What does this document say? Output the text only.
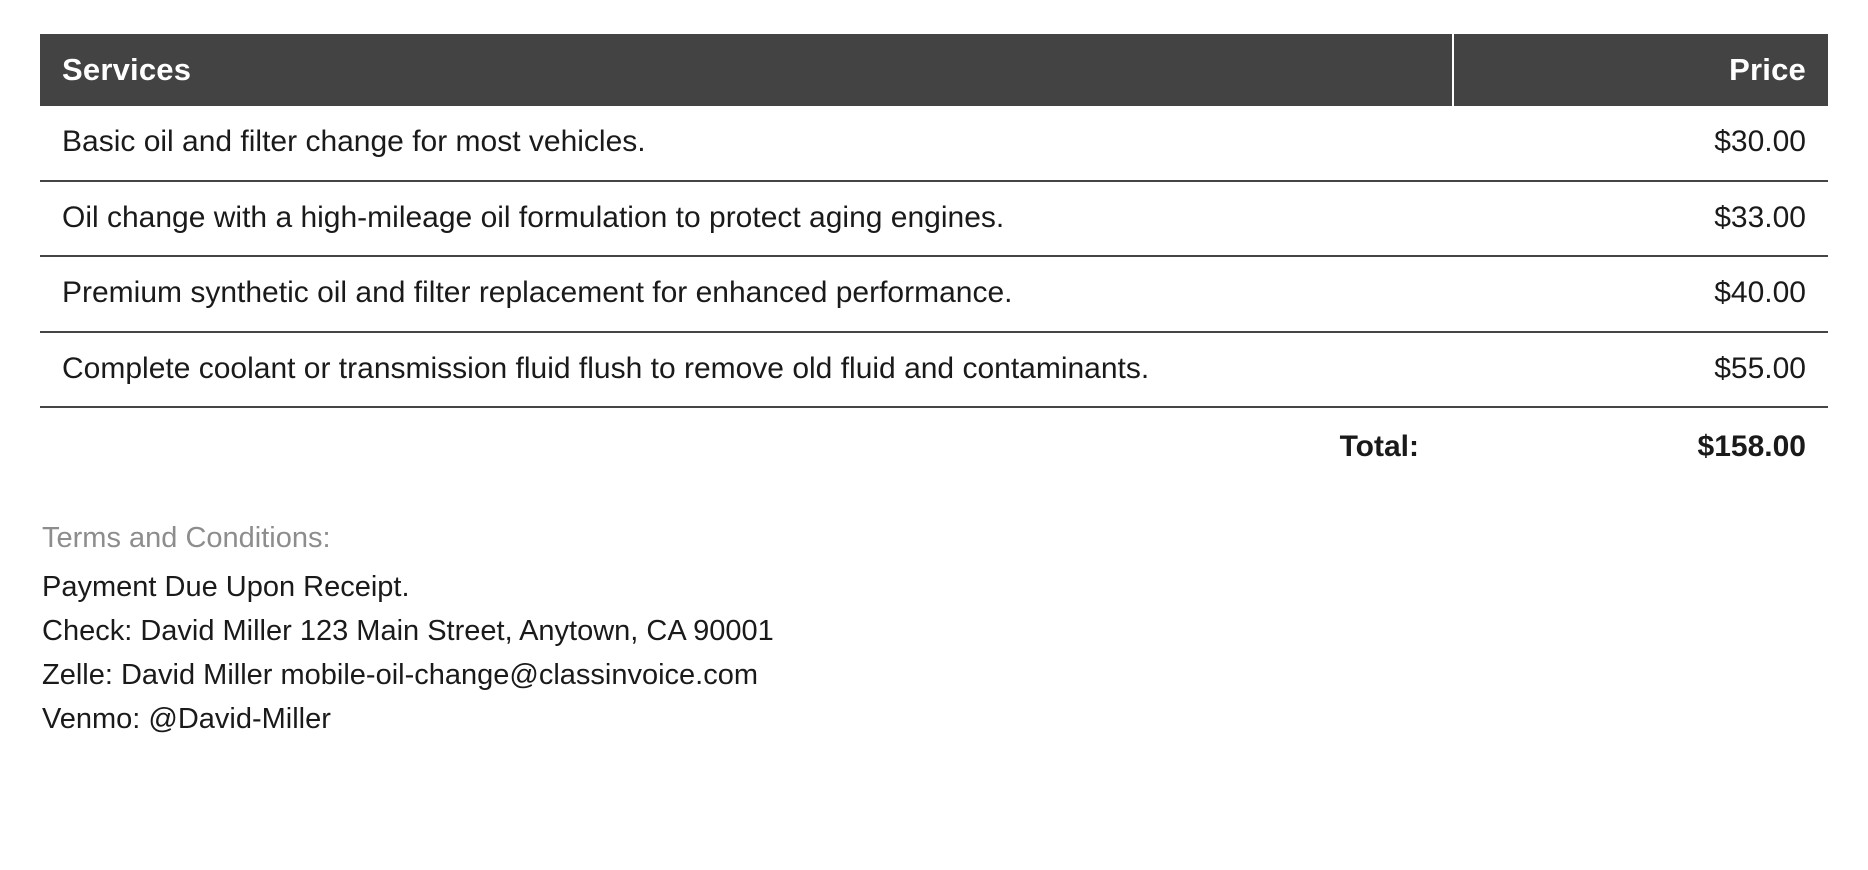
Services	Price
Basic oil and filter change for most vehicles.	$30.00
Oil change with a high-mileage oil formulation to protect aging engines.	$33.00
Premium synthetic oil and filter replacement for enhanced performance.	$40.00
Complete coolant or transmission fluid flush to remove old fluid and contaminants.	$55.00
Total:	$158.00
Terms and Conditions:
Payment Due Upon Receipt.
Check: David Miller 123 Main Street, Anytown, CA 90001
Zelle: David Miller mobile-oil-change@classinvoice.com
Venmo: @David-Miller
